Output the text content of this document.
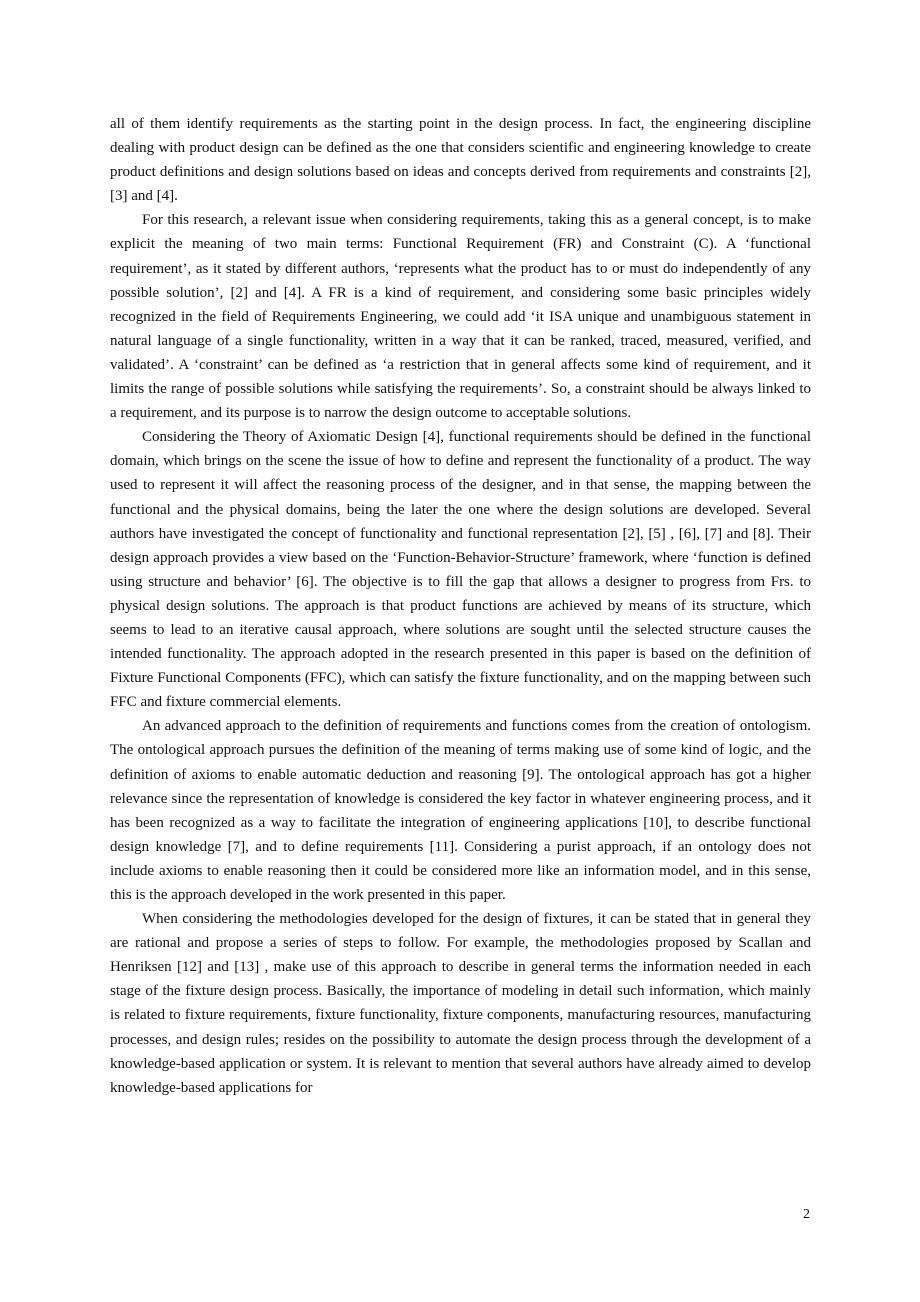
all of them identify requirements as the starting point in the design process. In fact, the engineering discipline dealing with product design can be defined as the one that considers scientific and engineering knowledge to create product definitions and design solutions based on ideas and concepts derived from requirements and constraints [2], [3] and [4].

For this research, a relevant issue when considering requirements, taking this as a general concept, is to make explicit the meaning of two main terms: Functional Requirement (FR) and Constraint (C). A ‘functional requirement’, as it stated by different authors, ‘represents what the product has to or must do independently of any possible solution’, [2] and [4]. A FR is a kind of requirement, and considering some basic principles widely recognized in the field of Requirements Engineering, we could add ‘it ISA unique and unambiguous statement in natural language of a single functionality, written in a way that it can be ranked, traced, measured, verified, and validated’. A ‘constraint’ can be defined as ‘a restriction that in general affects some kind of requirement, and it limits the range of possible solutions while satisfying the requirements’. So, a constraint should be always linked to a requirement, and its purpose is to narrow the design outcome to acceptable solutions.

Considering the Theory of Axiomatic Design [4], functional requirements should be defined in the functional domain, which brings on the scene the issue of how to define and represent the functionality of a product. The way used to represent it will affect the reasoning process of the designer, and in that sense, the mapping between the functional and the physical domains, being the later the one where the design solutions are developed. Several authors have investigated the concept of functionality and functional representation [2], [5] , [6], [7] and [8]. Their design approach provides a view based on the ‘Function-Behavior-Structure’ framework, where ‘function is defined using structure and behavior’ [6]. The objective is to fill the gap that allows a designer to progress from Frs. to physical design solutions. The approach is that product functions are achieved by means of its structure, which seems to lead to an iterative causal approach, where solutions are sought until the selected structure causes the intended functionality. The approach adopted in the research presented in this paper is based on the definition of Fixture Functional Components (FFC), which can satisfy the fixture functionality, and on the mapping between such FFC and fixture commercial elements.

An advanced approach to the definition of requirements and functions comes from the creation of ontologism. The ontological approach pursues the definition of the meaning of terms making use of some kind of logic, and the definition of axioms to enable automatic deduction and reasoning [9]. The ontological approach has got a higher relevance since the representation of knowledge is considered the key factor in whatever engineering process, and it has been recognized as a way to facilitate the integration of engineering applications [10], to describe functional design knowledge [7], and to define requirements [11]. Considering a purist approach, if an ontology does not include axioms to enable reasoning then it could be considered more like an information model, and in this sense, this is the approach developed in the work presented in this paper.

When considering the methodologies developed for the design of fixtures, it can be stated that in general they are rational and propose a series of steps to follow. For example, the methodologies proposed by Scallan and Henriksen [12] and [13] , make use of this approach to describe in general terms the information needed in each stage of the fixture design process. Basically, the importance of modeling in detail such information, which mainly is related to fixture requirements, fixture functionality, fixture components, manufacturing resources, manufacturing processes, and design rules; resides on the possibility to automate the design process through the development of a knowledge-based application or system. It is relevant to mention that several authors have already aimed to develop knowledge-based applications for

2
